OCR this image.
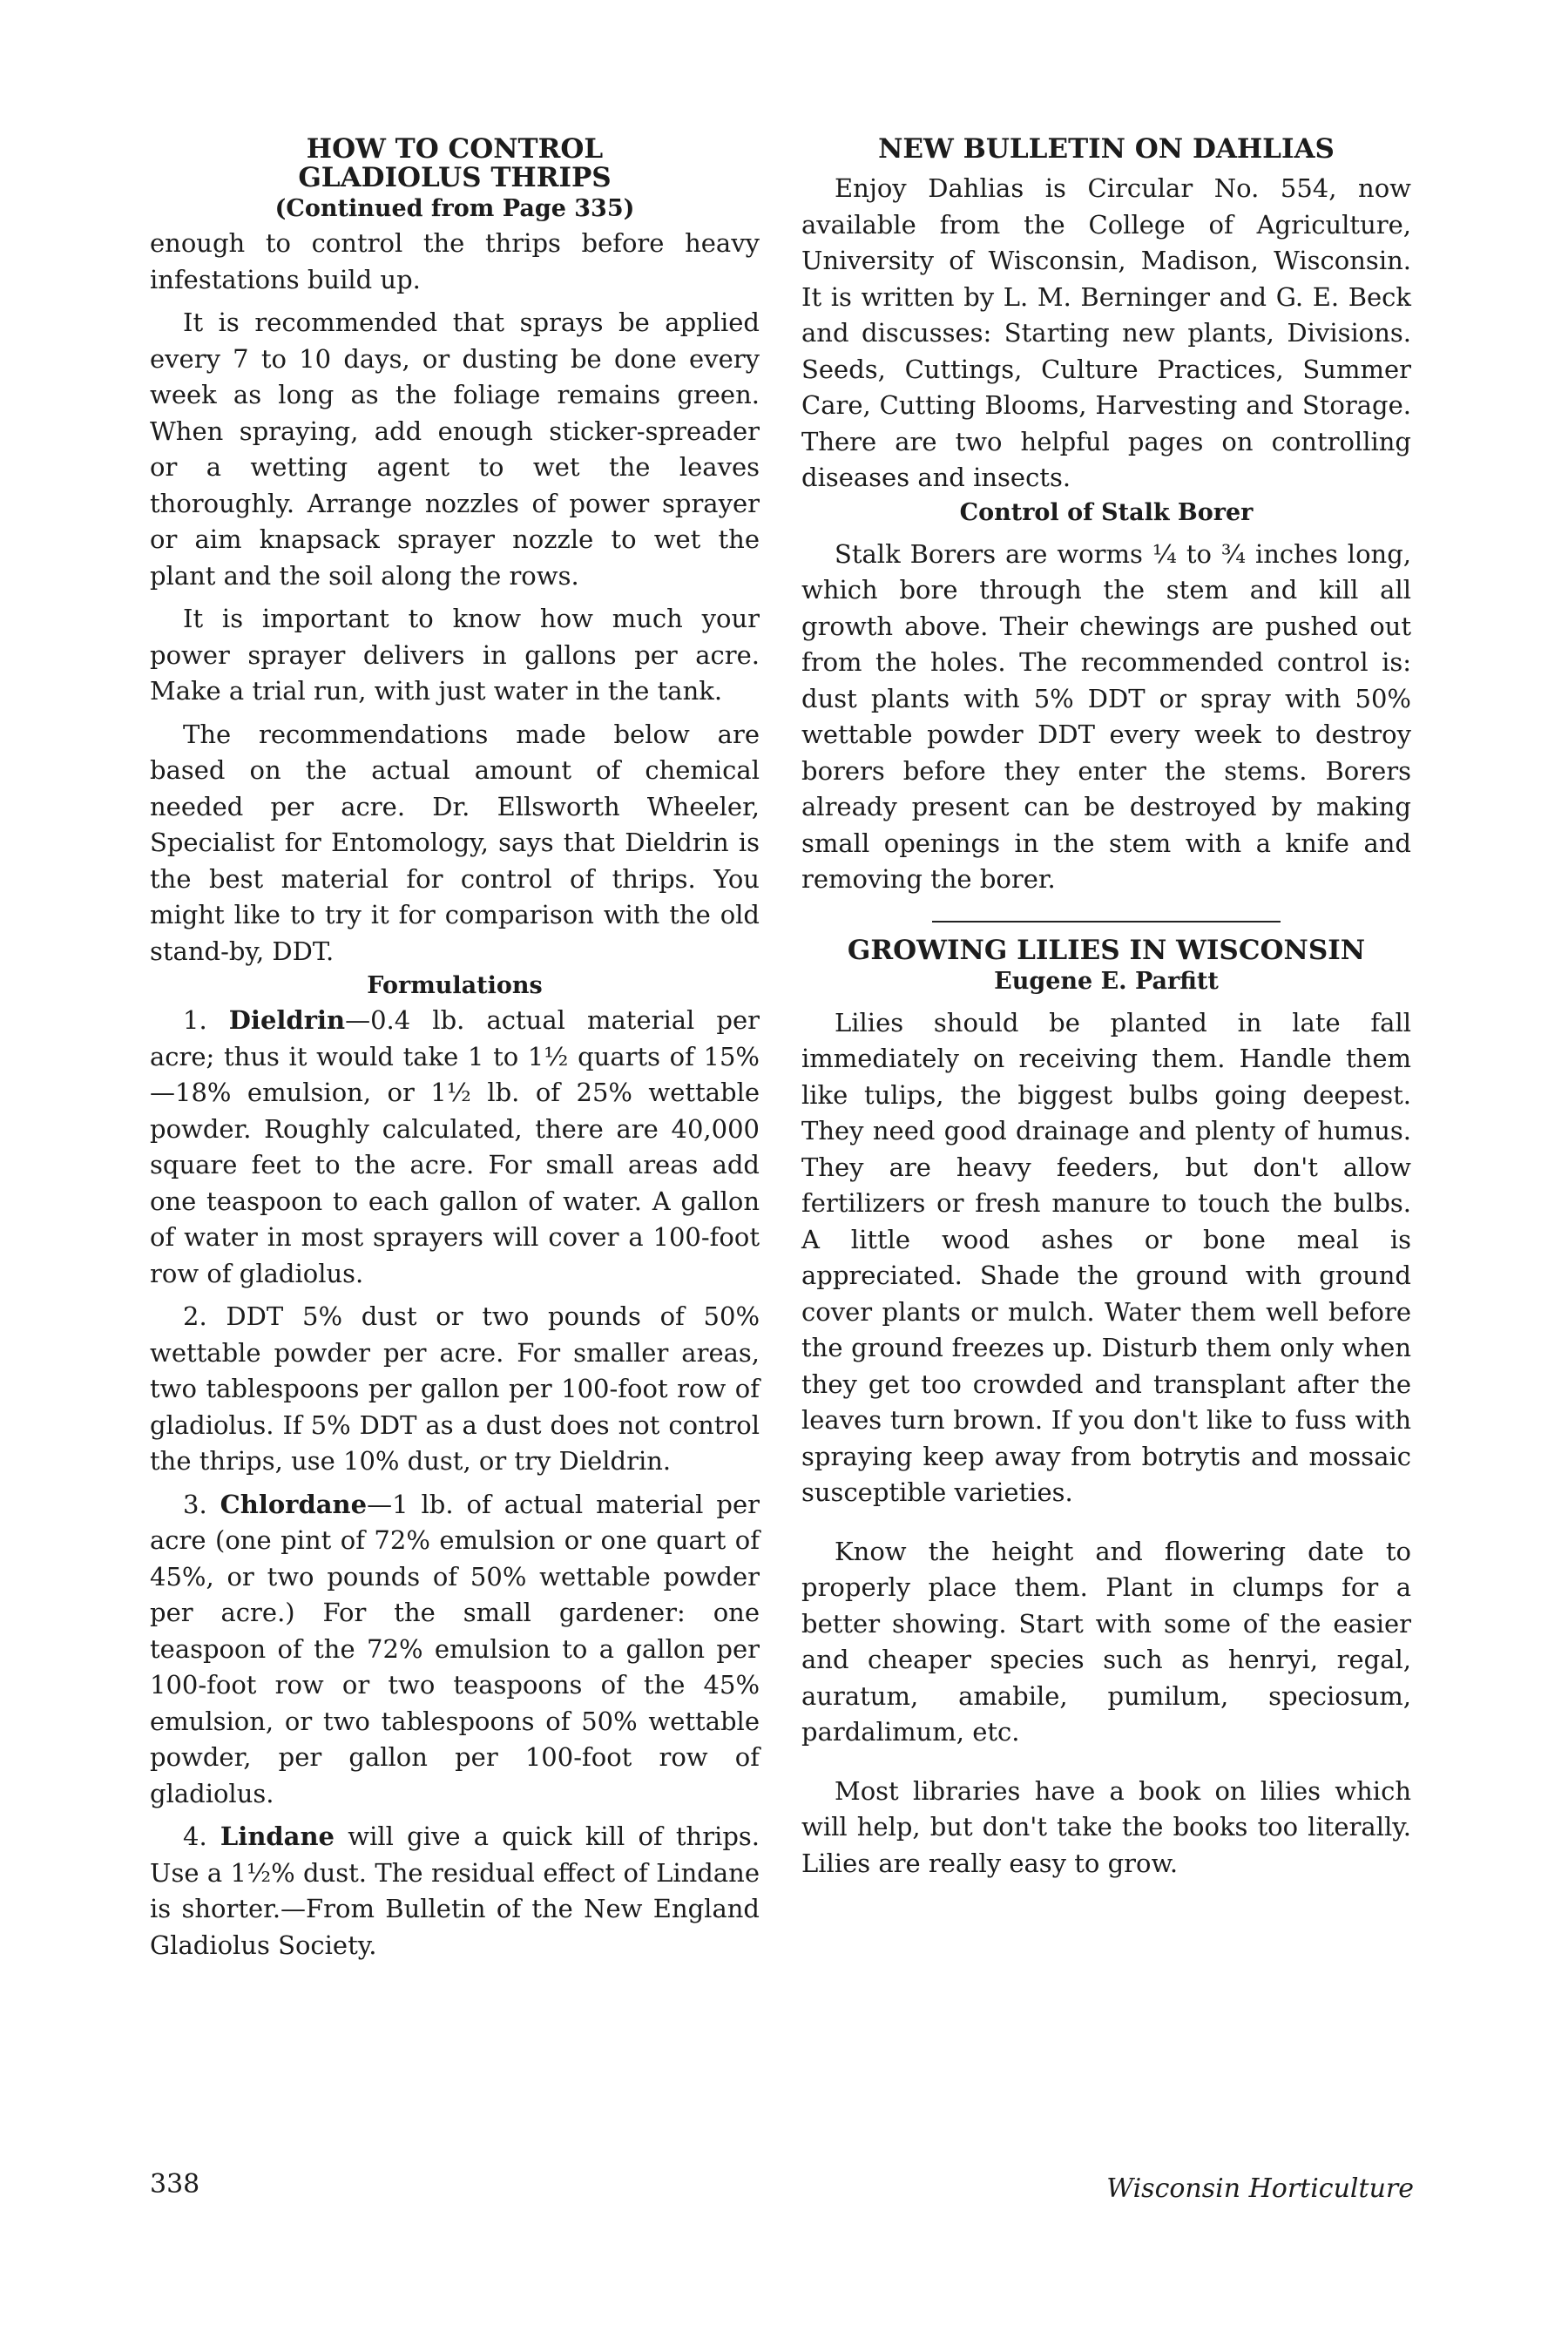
HOW TO CONTROL
GLADIOLUS THRIPS
(Continued from Page 335)

enough to control the thrips before heavy infestations build up.

It is recommended that sprays be applied every 7 to 10 days, or dusting be done every week as long as the foliage remains green. When spraying, add enough sticker-spreader or a wetting agent to wet the leaves thoroughly. Arrange nozzles of power sprayer or aim knapsack sprayer nozzle to wet the plant and the soil along the rows.

It is important to know how much your power sprayer delivers in gallons per acre. Make a trial run, with just water in the tank.

The recommendations made below are based on the actual amount of chemical needed per acre. Dr. Ellsworth Wheeler, Specialist for Entomology, says that Dieldrin is the best material for control of thrips. You might like to try it for comparison with the old stand-by, DDT.

Formulations

1. Dieldrin—0.4 lb. actual material per acre; thus it would take 1 to 1½ quarts of 15%—18% emulsion, or 1½ lb. of 25% wettable powder. Roughly calculated, there are 40,000 square feet to the acre. For small areas add one teaspoon to each gallon of water. A gallon of water in most sprayers will cover a 100-foot row of gladiolus.

2. DDT 5% dust or two pounds of 50% wettable powder per acre. For smaller areas, two tablespoons per gallon per 100-foot row of gladiolus. If 5% DDT as a dust does not control the thrips, use 10% dust, or try Dieldrin.

3. Chlordane—1 lb. of actual material per acre (one pint of 72% emulsion or one quart of 45%, or two pounds of 50% wettable powder per acre.) For the small gardener: one teaspoon of the 72% emulsion to a gallon per 100-foot row or two teaspoons of the 45% emulsion, or two tablespoons of 50% wettable powder, per gallon per 100-foot row of gladiolus.

4. Lindane will give a quick kill of thrips. Use a 1½% dust. The residual effect of Lindane is shorter.—From Bulletin of the New England Gladiolus Society.

NEW BULLETIN ON DAHLIAS

Enjoy Dahlias is Circular No. 554, now available from the College of Agriculture, University of Wisconsin, Madison, Wisconsin. It is written by L. M. Berninger and G. E. Beck and discusses: Starting new plants, Divisions. Seeds, Cuttings, Culture Practices, Summer Care, Cutting Blooms, Harvesting and Storage. There are two helpful pages on controlling diseases and insects.

Control of Stalk Borer

Stalk Borers are worms ¼ to ¾ inches long, which bore through the stem and kill all growth above. Their chewings are pushed out from the holes. The recommended control is: dust plants with 5% DDT or spray with 50% wettable powder DDT every week to destroy borers before they enter the stems. Borers already present can be destroyed by making small openings in the stem with a knife and removing the borer.

GROWING LILIES IN WISCONSIN
Eugene E. Parfitt

Lilies should be planted in late fall immediately on receiving them. Handle them like tulips, the biggest bulbs going deepest. They need good drainage and plenty of humus. They are heavy feeders, but don't allow fertilizers or fresh manure to touch the bulbs. A little wood ashes or bone meal is appreciated. Shade the ground with ground cover plants or mulch. Water them well before the ground freezes up. Disturb them only when they get too crowded and transplant after the leaves turn brown. If you don't like to fuss with spraying keep away from botrytis and mossaic susceptible varieties.

Know the height and flowering date to properly place them. Plant in clumps for a better showing. Start with some of the easier and cheaper species such as henryi, regal, auratum, amabile, pumilum, speciosum, pardalimum, etc.

Most libraries have a book on lilies which will help, but don't take the books too literally. Lilies are really easy to grow.

338	Wisconsin Horticulture
